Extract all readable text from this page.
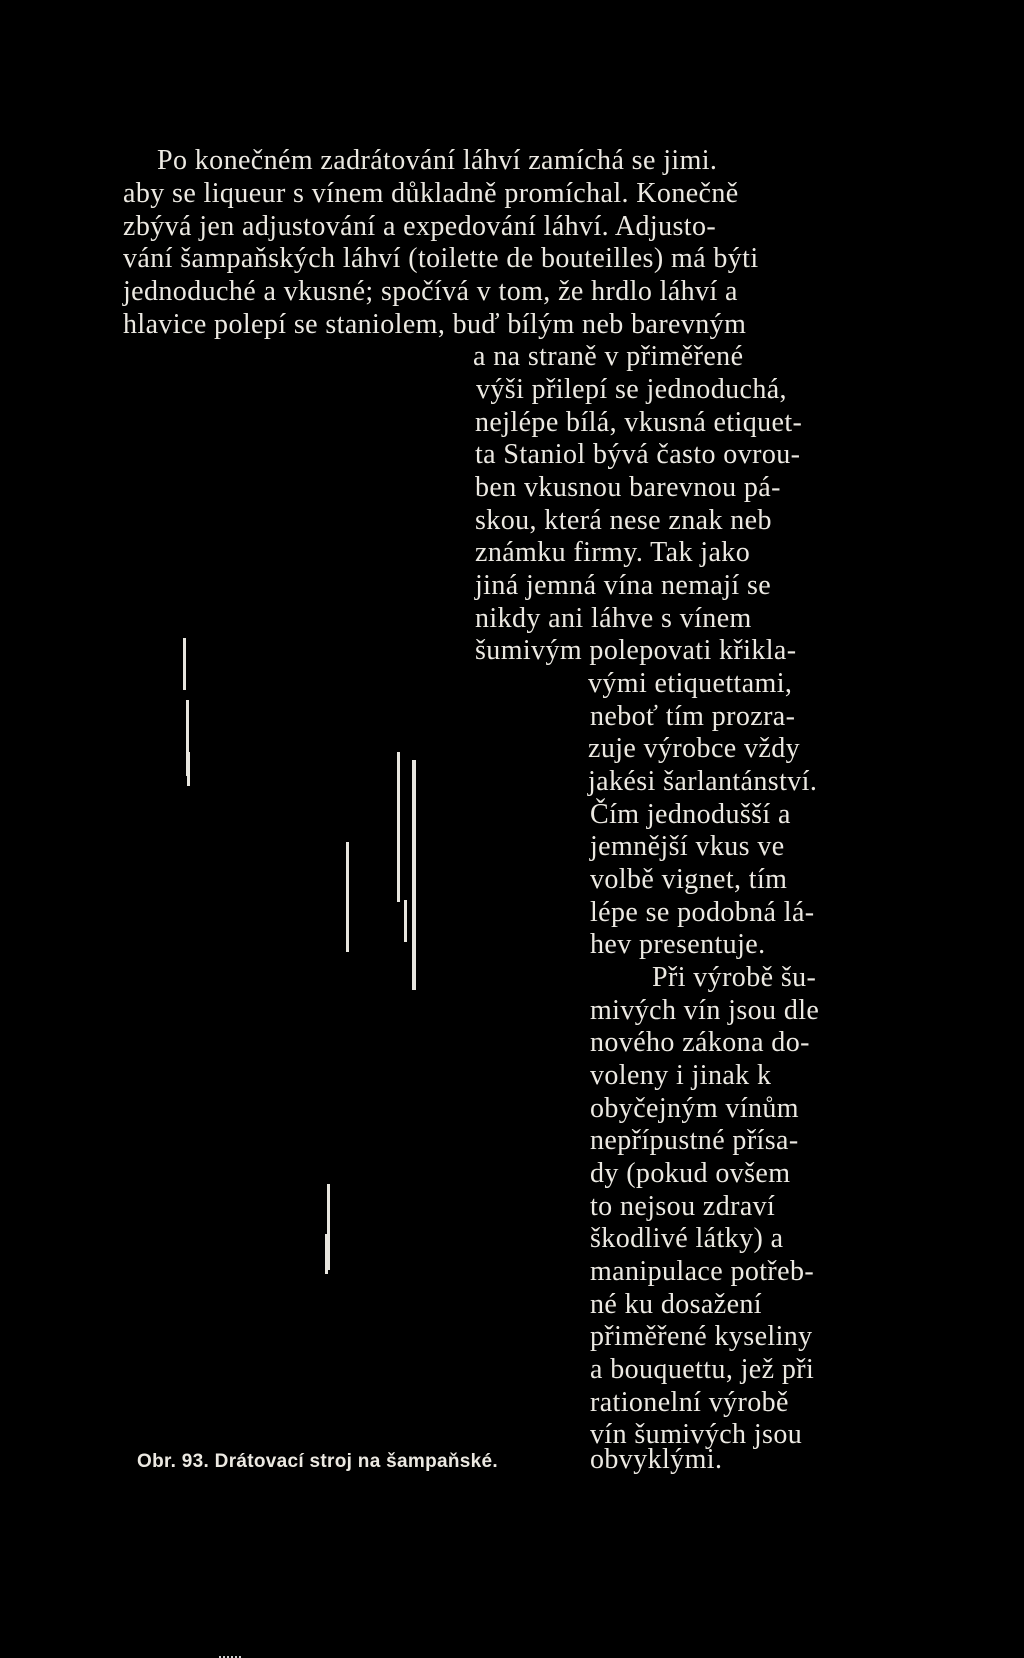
Po konečném zadrátování láhví zamíchá se jimi.
aby se liqueur s vínem důkladně promíchal. Konečně
zbývá jen adjustování a expedování láhví. Adjusto-
vání šampaňských láhví (toilette de bouteilles) má býti
jednoduché a vkusné; spočívá v tom, že hrdlo láhví a
hlavice polepí se staniolem, buď bílým neb barevným
a na straně v přiměřené
výši přilepí se jednoduchá,
nejlépe bílá, vkusná etiquet-
ta Staniol bývá často ovrou-
ben vkusnou barevnou pá-
skou, která nese znak neb
známku firmy. Tak jako
jiná jemná vína nemají se
nikdy ani láhve s vínem
šumivým polepovati křikla-
vými etiquettami,
neboť tím prozra-
zuje výrobce vždy
jakési šarlantánství.
Čím jednodušší a
jemnější vkus ve
volbě vignet, tím
lépe se podobná lá-
hev presentuje.
Při výrobě šu-
mivých vín jsou dle
nového zákona do-
voleny i jinak k
obyčejným vínům
nepřípustné přísa-
dy (pokud ovšem
to nejsou zdraví
škodlivé látky) a
manipulace potřeb-
né ku dosažení
přiměřené kyseliny
a bouquettu, jež při
rationelní výrobě
vín šumivých jsou
obvyklými.
Obr. 93. Drátovací stroj na šampaňské.
